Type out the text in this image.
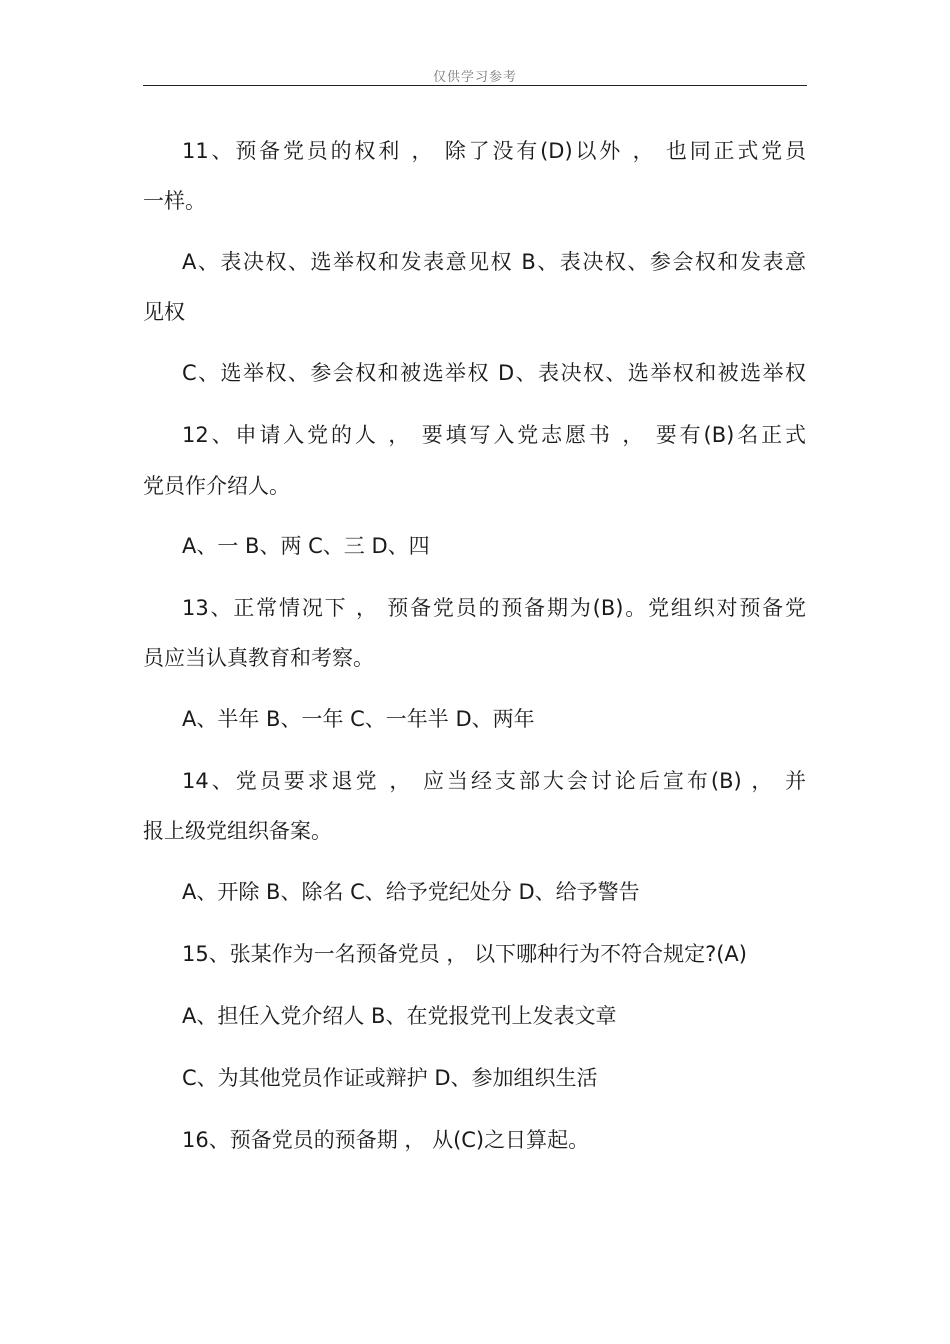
仅供学习参考
11、预备党员的权利 ， 除了没有(D)以外 ， 也同正式党员
一样。
A、表决权、选举权和发表意见权 B、表决权、参会权和发表意
见权
C、选举权、参会权和被选举权 D、表决权、选举权和被选举权
12、申请入党的人 ， 要填写入党志愿书 ， 要有(B)名正式
党员作介绍人。
A、一 B、两 C、三 D、四
13、正常情况下 ， 预备党员的预备期为(B)。党组织对预备党
员应当认真教育和考察。
A、半年 B、一年 C、一年半 D、两年
14、党员要求退党 ， 应当经支部大会讨论后宣布(B) ， 并
报上级党组织备案。
A、开除 B、除名 C、给予党纪处分 D、给予警告
15、张某作为一名预备党员 ， 以下哪种行为不符合规定?(A)
A、担任入党介绍人 B、在党报党刊上发表文章
C、为其他党员作证或辩护 D、参加组织生活
16、预备党员的预备期 ， 从(C)之日算起。
